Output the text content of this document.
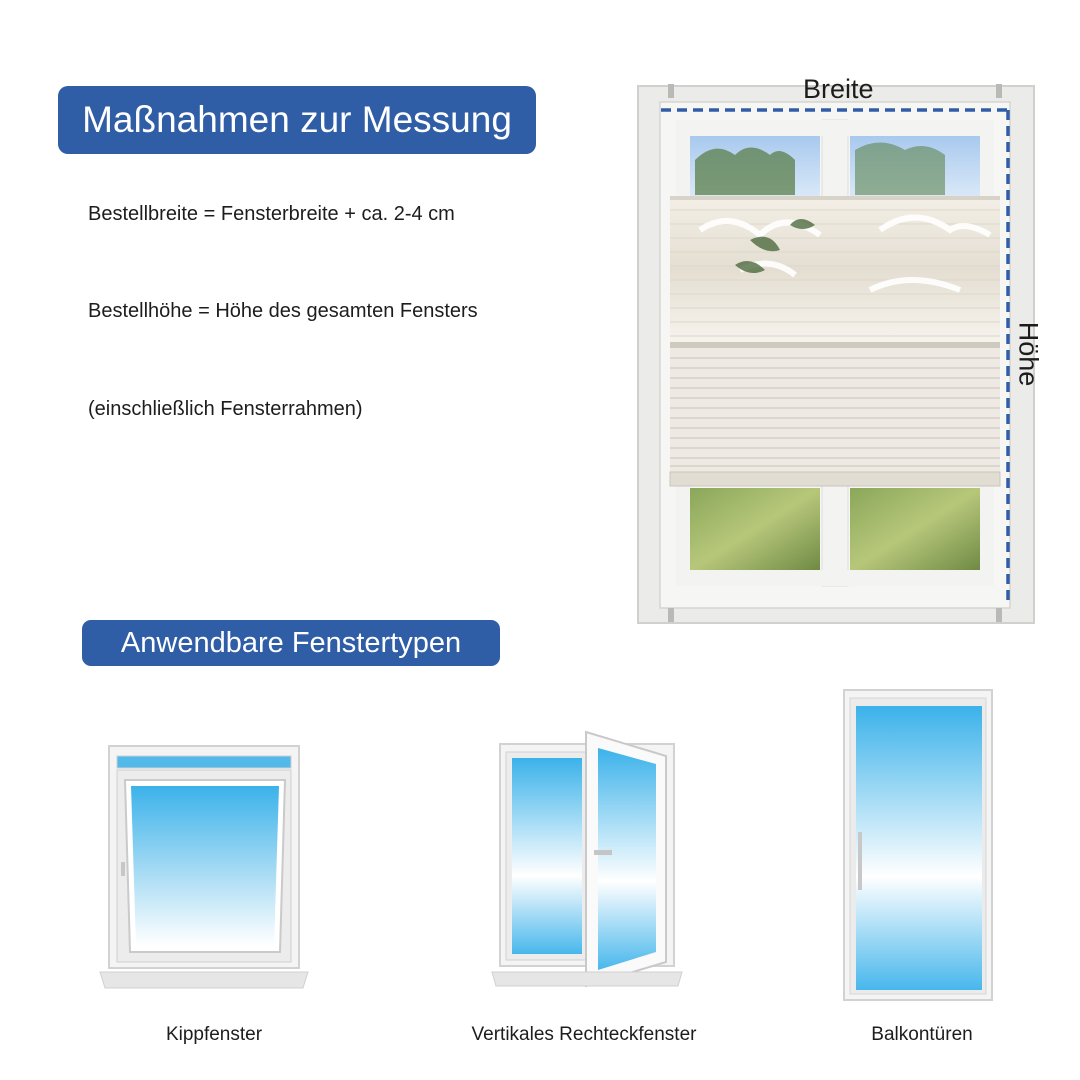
Maßnahmen zur Messung
Bestellbreite = Fensterbreite + ca. 2-4 cm
Bestellhöhe = Höhe des gesamten Fensters
(einschließlich Fensterrahmen)
Anwendbare Fenstertypen
Breite
Höhe
Kippfenster	Vertikales Rechteckfenster	Balkontüren
